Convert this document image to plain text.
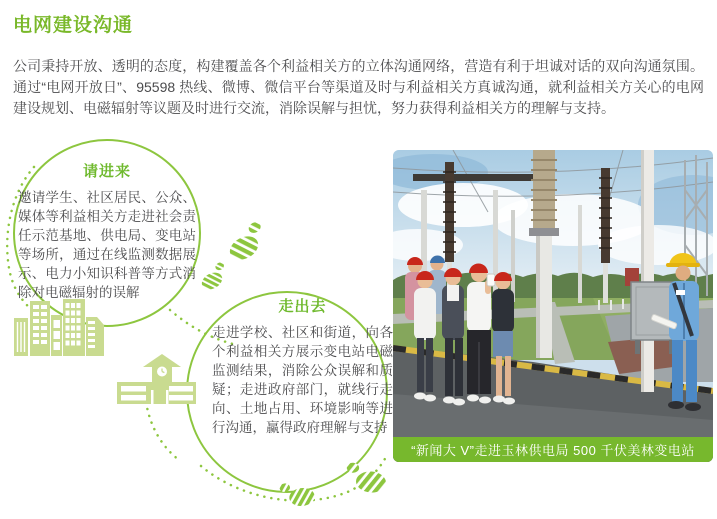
电网建设沟通

公司秉持开放、透明的态度，构建覆盖各个利益相关方的立体沟通网络，营造有利于坦诚对话的双向沟通氛围。通过“电网开放日”、95598 热线、微博、微信平台等渠道及时与利益相关方真诚沟通，就利益相关方关心的电网建设规划、电磁辐射等议题及时进行交流，消除误解与担忧，努力获得利益相关方的理解与支持。

请进来
邀请学生、社区居民、公众、媒体等利益相关方走进社会责任示范基地、供电局、变电站等场所，通过在线监测数据展示、电力小知识科普等方式消除对电磁辐射的误解
走出去
走进学校、社区和街道，向各个利益相关方展示变电站电磁监测结果，消除公众误解和质疑；走进政府部门，就线行走向、土地占用、环境影响等进行沟通，赢得政府理解与支持
“新闻大 V”走进玉林供电局 500 千伏美林变电站
